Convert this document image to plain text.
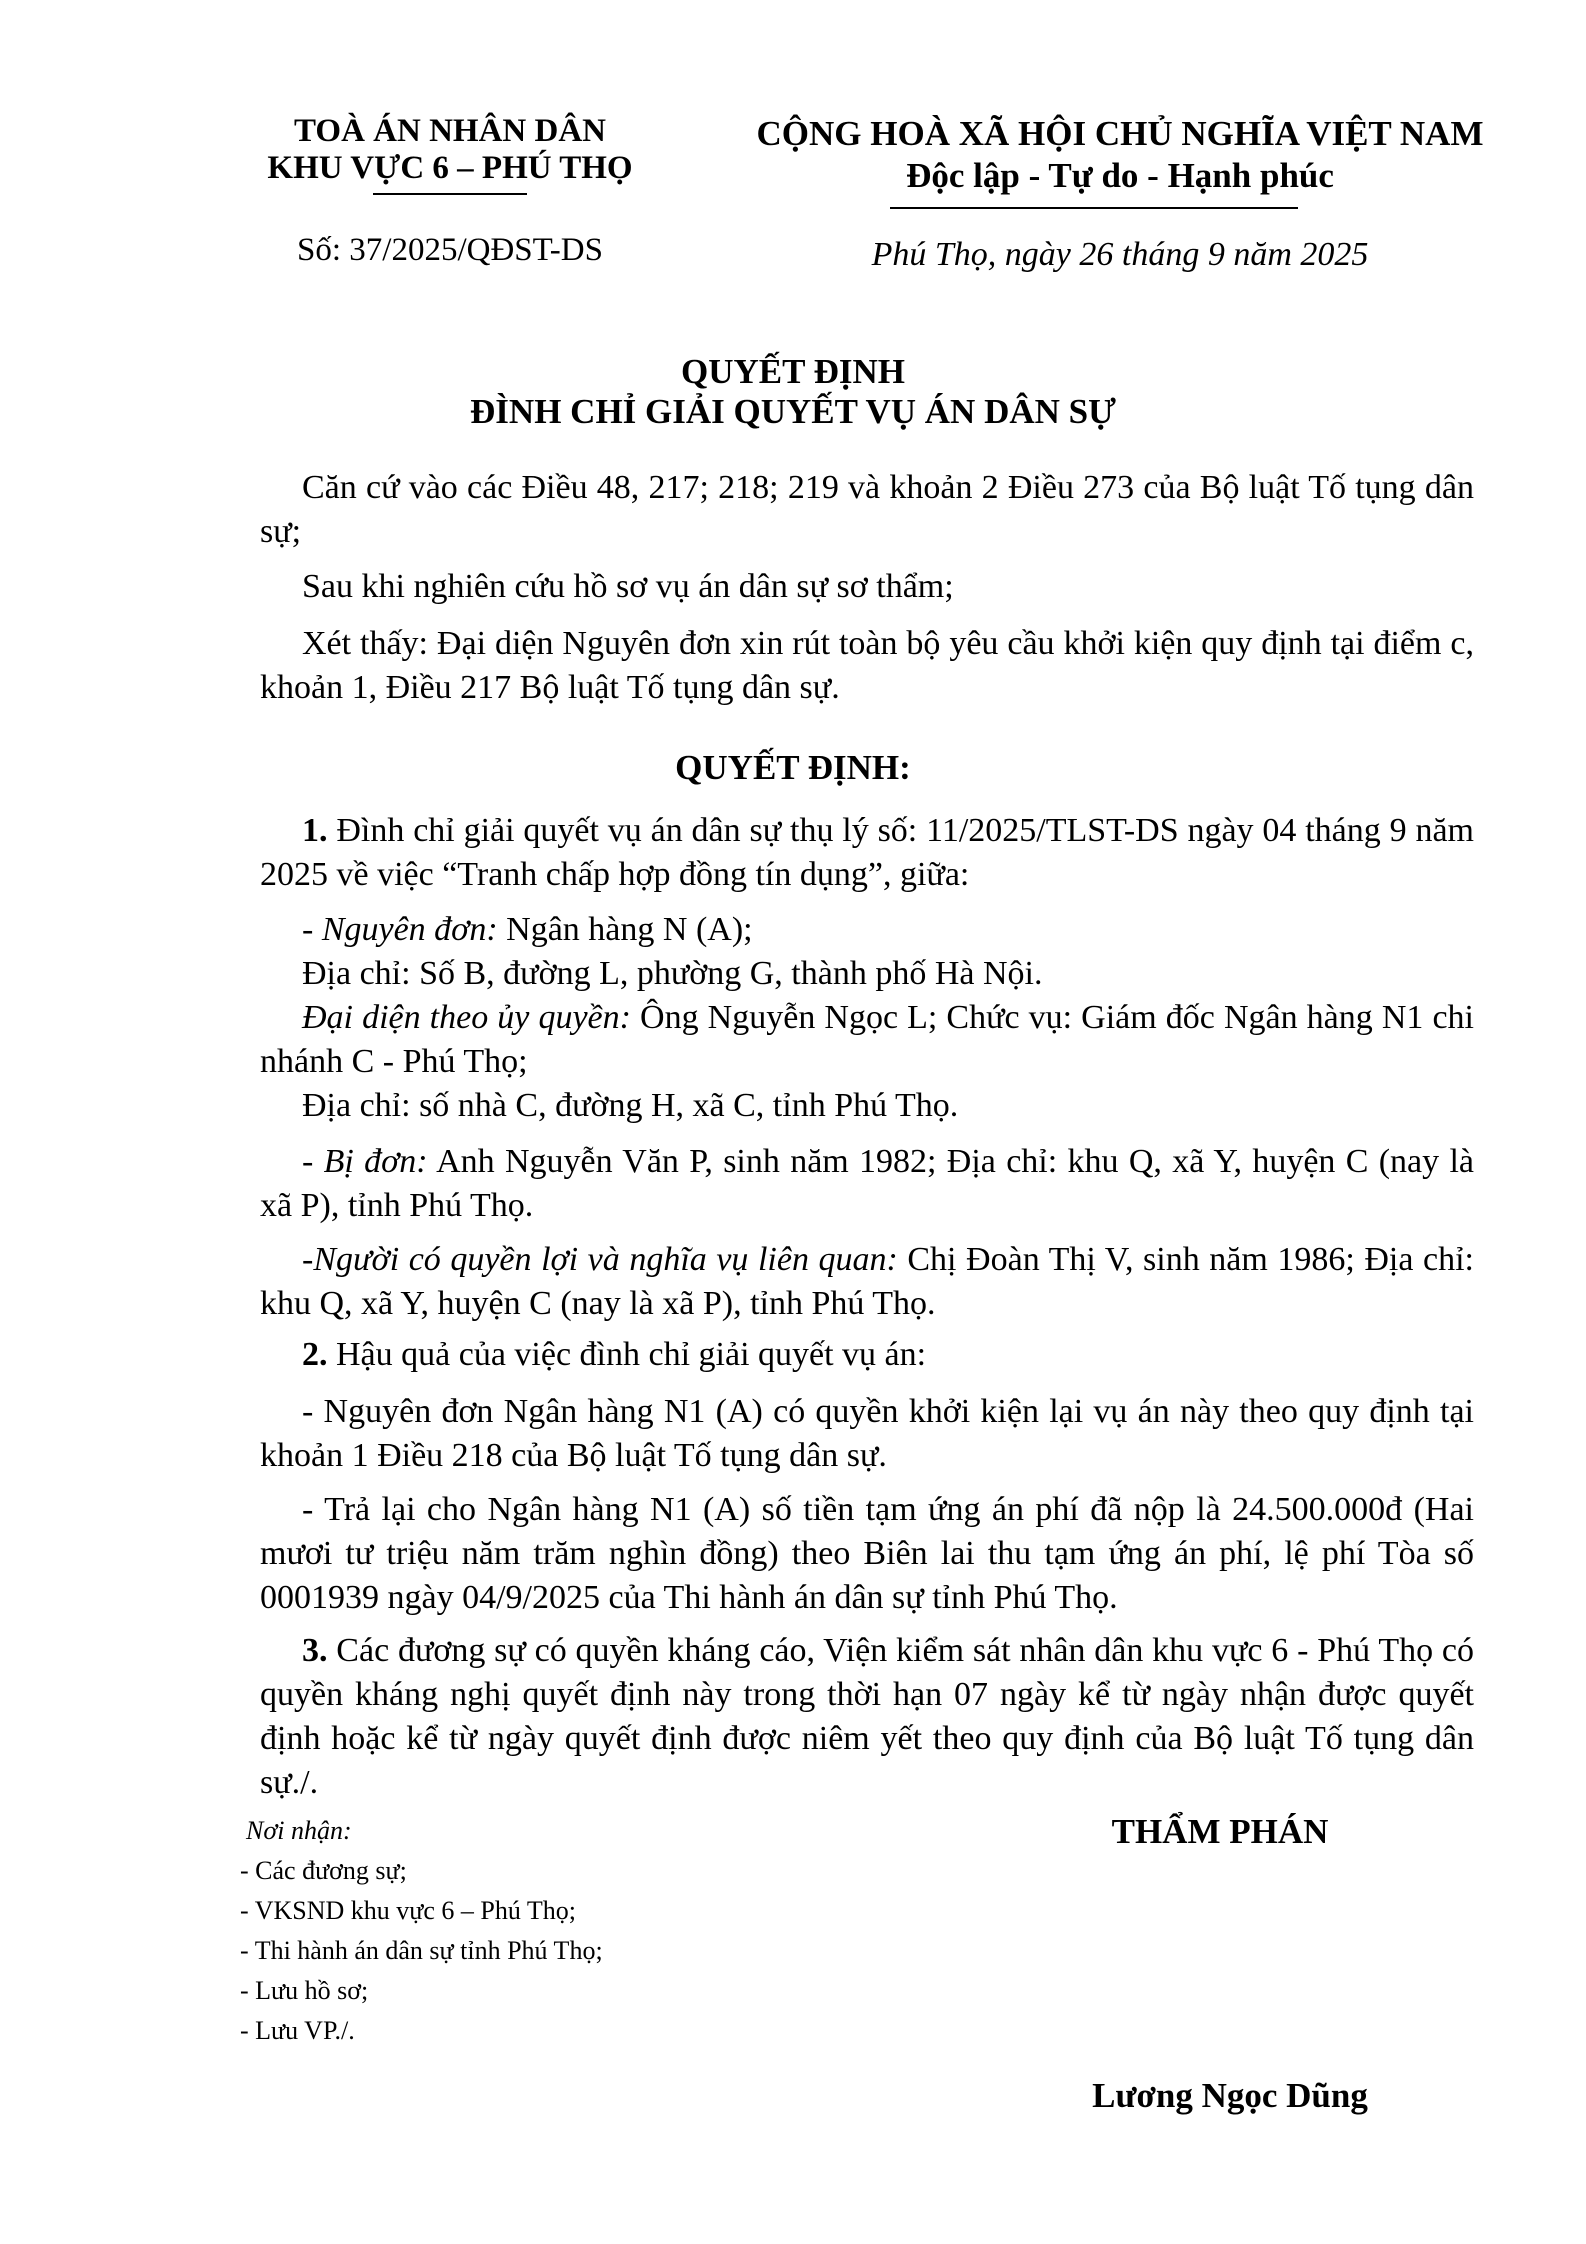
TOÀ ÁN NHÂN DÂN
KHU VỰC 6 – PHÚ THỌ
Số: 37/2025/QĐST-DS
CỘNG HOÀ XÃ HỘI CHỦ NGHĨA VIỆT NAM
Độc lập - Tự do - Hạnh phúc
Phú Thọ, ngày 26 tháng 9 năm 2025
QUYẾT ĐỊNH
ĐÌNH CHỈ GIẢI QUYẾT VỤ ÁN DÂN SỰ

Căn cứ vào các Điều 48, 217; 218; 219 và khoản 2 Điều 273 của Bộ luật Tố tụng dân sự;

Sau khi nghiên cứu hồ sơ vụ án dân sự sơ thẩm;

Xét thấy: Đại diện Nguyên đơn xin rút toàn bộ yêu cầu khởi kiện quy định tại điểm c, khoản 1, Điều 217 Bộ luật Tố tụng dân sự.

QUYẾT ĐỊNH:

1. Đình chỉ giải quyết vụ án dân sự thụ lý số: 11/2025/TLST-DS ngày 04 tháng 9 năm 2025 về việc “Tranh chấp hợp đồng tín dụng”, giữa:

- Nguyên đơn: Ngân hàng N (A);

Địa chỉ: Số B, đường L, phường G, thành phố Hà Nội.

Đại diện theo ủy quyền: Ông Nguyễn Ngọc L; Chức vụ: Giám đốc Ngân hàng N1 chi nhánh C - Phú Thọ;

Địa chỉ: số nhà C, đường H, xã C, tỉnh Phú Thọ.

- Bị đơn: Anh Nguyễn Văn P, sinh năm 1982; Địa chỉ: khu Q, xã Y, huyện C (nay là xã P), tỉnh Phú Thọ.

-Người có quyền lợi và nghĩa vụ liên quan: Chị Đoàn Thị V, sinh năm 1986; Địa chỉ: khu Q, xã Y, huyện C (nay là xã P), tỉnh Phú Thọ.

2. Hậu quả của việc đình chỉ giải quyết vụ án:

- Nguyên đơn Ngân hàng N1 (A) có quyền khởi kiện lại vụ án này theo quy định tại khoản 1 Điều 218 của Bộ luật Tố tụng dân sự.

- Trả lại cho Ngân hàng N1 (A) số tiền tạm ứng án phí đã nộp là 24.500.000đ (Hai mươi tư triệu năm trăm nghìn đồng) theo Biên lai thu tạm ứng án phí, lệ phí Tòa số 0001939 ngày 04/9/2025 của Thi hành án dân sự tỉnh Phú Thọ.

3. Các đương sự có quyền kháng cáo, Viện kiểm sát nhân dân khu vực 6 - Phú Thọ có quyền kháng nghị quyết định này trong thời hạn 07 ngày kể từ ngày nhận được quyết định hoặc kể từ ngày quyết định được niêm yết theo quy định của Bộ luật Tố tụng dân sự./.

Nơi nhận:
- Các đương sự;
- VKSND khu vực 6 – Phú Thọ;
- Thi hành án dân sự tỉnh Phú Thọ;
- Lưu hồ sơ;
- Lưu VP./.
THẨM PHÁN
Lương Ngọc Dũng
